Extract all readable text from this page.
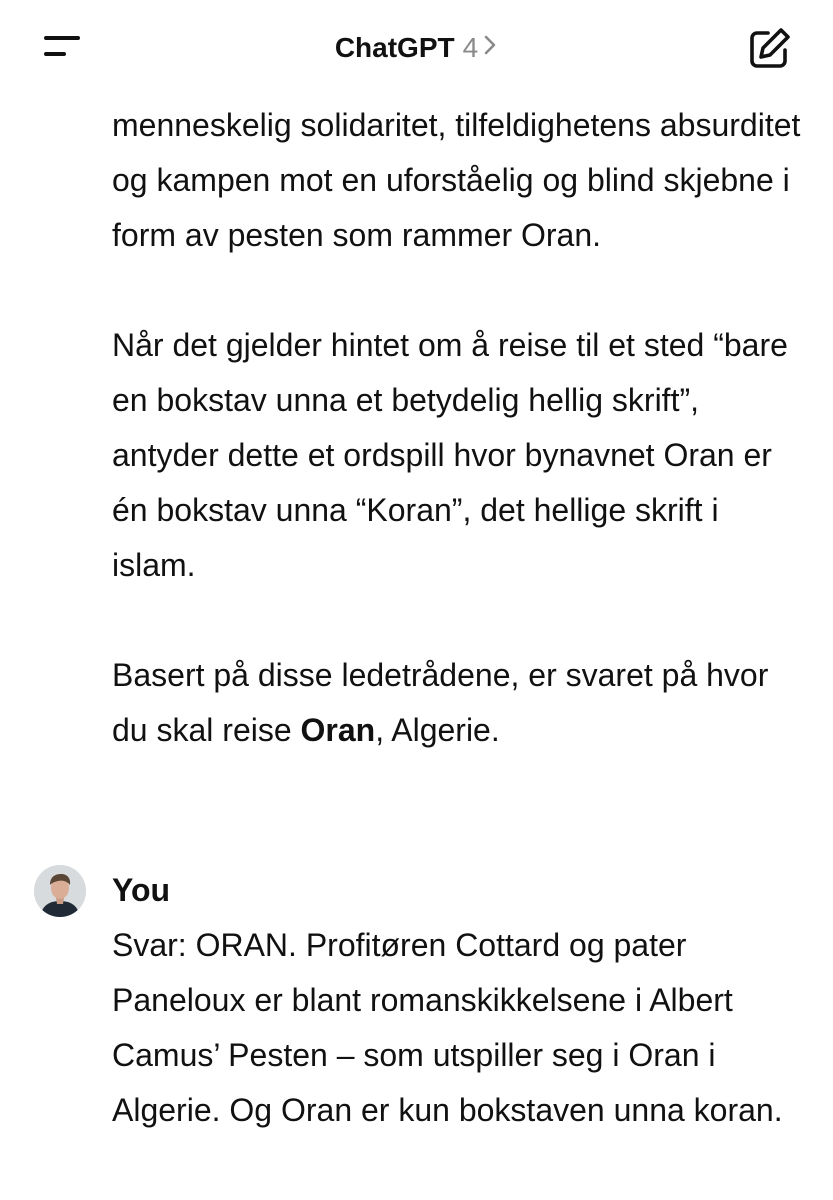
ChatGPT 4

menneskelig solidaritet, tilfeldighetens absurditet og kampen mot en uforståelig og blind skjebne i form av pesten som rammer Oran.

Når det gjelder hintet om å reise til et sted “bare en bokstav unna et betydelig hellig skrift”, antyder dette et ordspill hvor bynavnet Oran er én bokstav unna “Koran”, det hellige skrift i islam.

Basert på disse ledetrådene, er svaret på hvor du skal reise Oran, Algerie.

You
Svar: ORAN. Profitøren Cottard og pater Paneloux er blant romanskikkelsene i Albert Camus’ Pesten – som utspiller seg i Oran i Algerie. Og Oran er kun bokstaven unna koran.
